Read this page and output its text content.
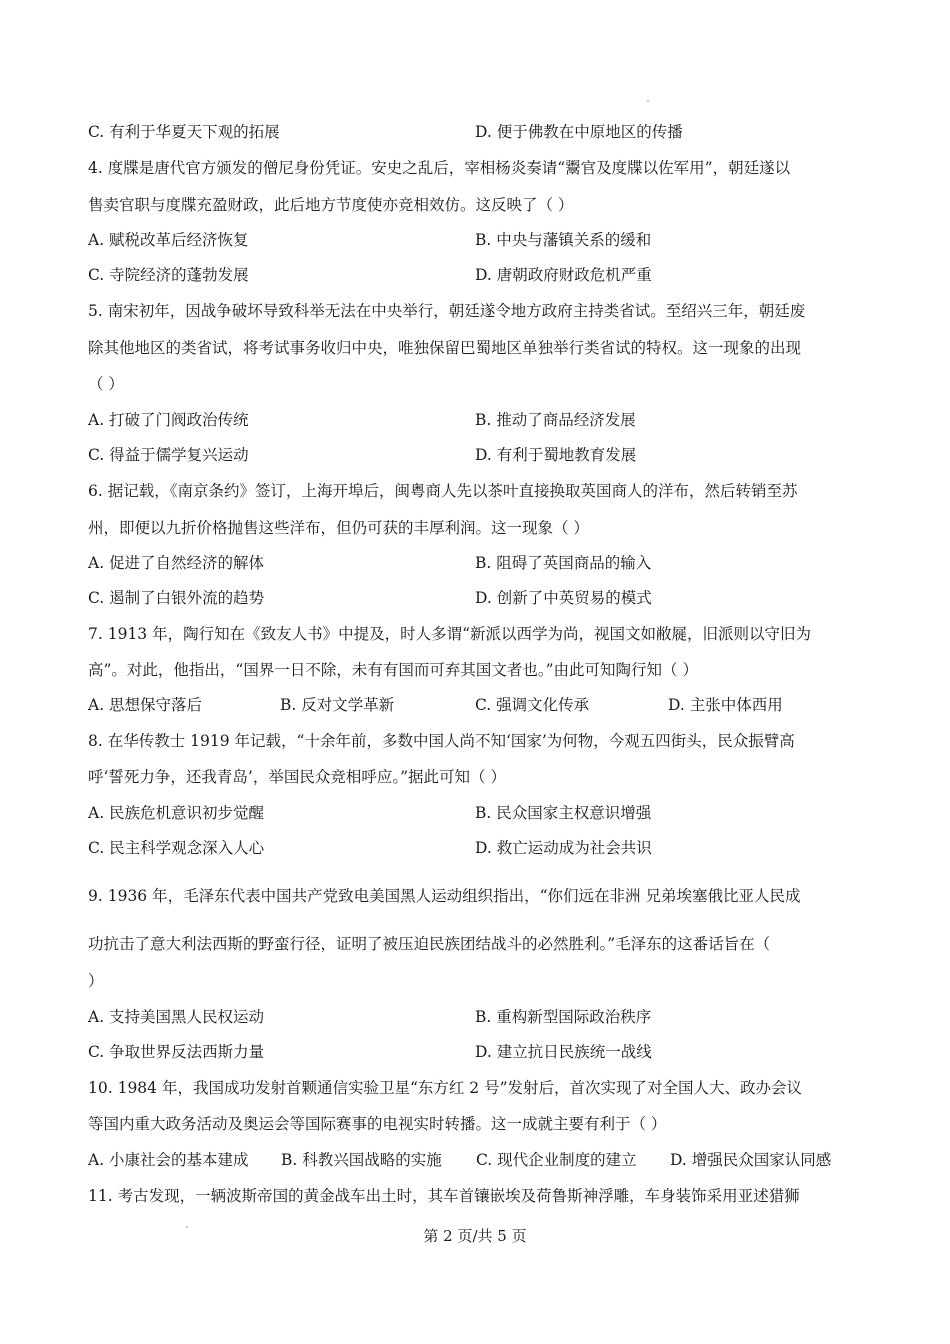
C. 有利于华夏天下观的拓展	D. 便于佛教在中原地区的传播
4. 度牒是唐代官方颁发的僧尼身份凭证。安史之乱后，宰相杨炎奏请“鬻官及度牒以佐军用”，朝廷遂以
售卖官职与度牒充盈财政，此后地方节度使亦竞相效仿。这反映了（ ）
A. 赋税改革后经济恢复	B. 中央与藩镇关系的缓和
C. 寺院经济的蓬勃发展	D. 唐朝政府财政危机严重
5. 南宋初年，因战争破坏导致科举无法在中央举行，朝廷遂令地方政府主持类省试。至绍兴三年，朝廷废
除其他地区的类省试，将考试事务收归中央，唯独保留巴蜀地区单独举行类省试的特权。这一现象的出现
（ ）
A. 打破了门阀政治传统	B. 推动了商品经济发展
C. 得益于儒学复兴运动	D. 有利于蜀地教育发展
6. 据记载，《南京条约》签订，上海开埠后，闽粤商人先以茶叶直接换取英国商人的洋布，然后转销至苏
州，即便以九折价格抛售这些洋布，但仍可获的丰厚利润。这一现象（ ）
A. 促进了自然经济的解体	B. 阻碍了英国商品的输入
C. 遏制了白银外流的趋势	D. 创新了中英贸易的模式
7. 1913 年，陶行知在《致友人书》中提及，时人多谓“新派以西学为尚，视国文如敝屣，旧派则以守旧为
高”。对此，他指出，“国界一日不除，未有有国而可弃其国文者也。”由此可知陶行知（ ）
A. 思想保守落后	B. 反对文学革新	C. 强调文化传承	D. 主张中体西用
8. 在华传教士 1919 年记载，“十余年前，多数中国人尚不知‘国家’为何物，今观五四街头，民众振臂高
呼‘誓死力争，还我青岛’，举国民众竞相呼应。”据此可知（ ）
A. 民族危机意识初步觉醒	B. 民众国家主权意识增强
C. 民主科学观念深入人心	D. 救亡运动成为社会共识
9. 1936 年，毛泽东代表中国共产党致电美国黑人运动组织指出，“你们远在非洲 兄弟埃塞俄比亚人民成
功抗击了意大利法西斯的野蛮行径，证明了被压迫民族团结战斗的必然胜利。”毛泽东的这番话旨在（
）
A. 支持美国黑人民权运动	B. 重构新型国际政治秩序
C. 争取世界反法西斯力量	D. 建立抗日民族统一战线
10. 1984 年，我国成功发射首颗通信实验卫星“东方红 2 号”发射后，首次实现了对全国人大、政办会议
等国内重大政务活动及奥运会等国际赛事的电视实时转播。这一成就主要有利于（ ）
A. 小康社会的基本建成 B. 科教兴国战略的实施 C. 现代企业制度的建立 D. 增强民众国家认同感
11. 考古发现，一辆波斯帝国的黄金战车出土时，其车首镶嵌埃及荷鲁斯神浮雕，车身装饰采用亚述猎狮
第 2 页/共 5 页
